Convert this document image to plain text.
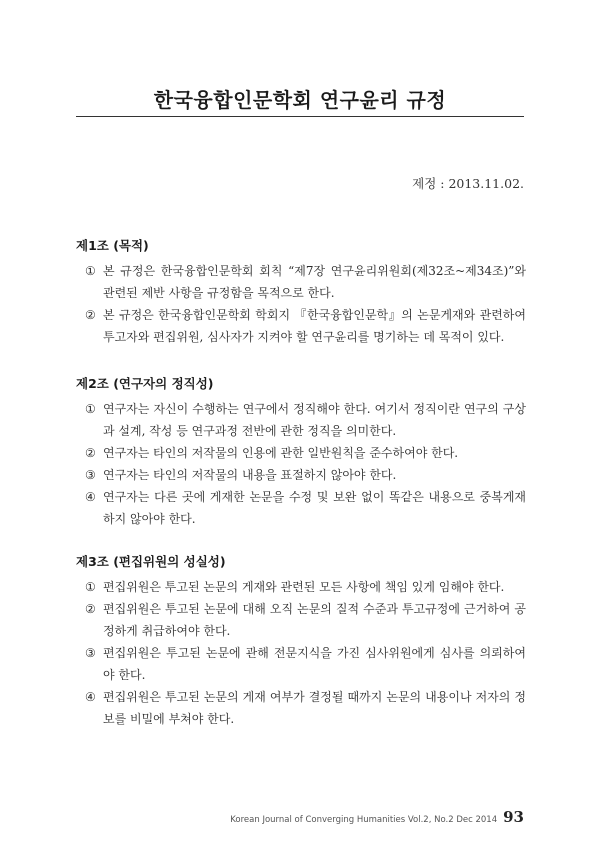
한국융합인문학회 연구윤리 규정
제정 : 2013.11.02.
제1조 (목적)
① 본 규정은 한국융합인문학회 회칙 “제7장 연구윤리위원회(제32조~제34조)”와 관련된 제반 사항을 규정함을 목적으로 한다.
② 본 규정은 한국융합인문학회 학회지 『한국융합인문학』의 논문게재와 관련하여 투고자와 편집위원, 심사자가 지켜야 할 연구윤리를 명기하는 데 목적이 있다.
제2조 (연구자의 정직성)
① 연구자는 자신이 수행하는 연구에서 정직해야 한다. 여기서 정직이란 연구의 구상과 설계, 작성 등 연구과정 전반에 관한 정직을 의미한다.
② 연구자는 타인의 저작물의 인용에 관한 일반원칙을 준수하여야 한다.
③ 연구자는 타인의 저작물의 내용을 표절하지 않아야 한다.
④ 연구자는 다른 곳에 게재한 논문을 수정 및 보완 없이 똑같은 내용으로 중복게재하지 않아야 한다.
제3조 (편집위원의 성실성)
① 편집위원은 투고된 논문의 게재와 관련된 모든 사항에 책임 있게 임해야 한다.
② 편집위원은 투고된 논문에 대해 오직 논문의 질적 수준과 투고규정에 근거하여 공정하게 취급하여야 한다.
③ 편집위원은 투고된 논문에 관해 전문지식을 가진 심사위원에게 심사를 의뢰하여야 한다.
④ 편집위원은 투고된 논문의 게재 여부가 결정될 때까지 논문의 내용이나 저자의 정보를 비밀에 부쳐야 한다.
Korean Journal of Converging Humanities Vol.2, No.2 Dec 2014 93
